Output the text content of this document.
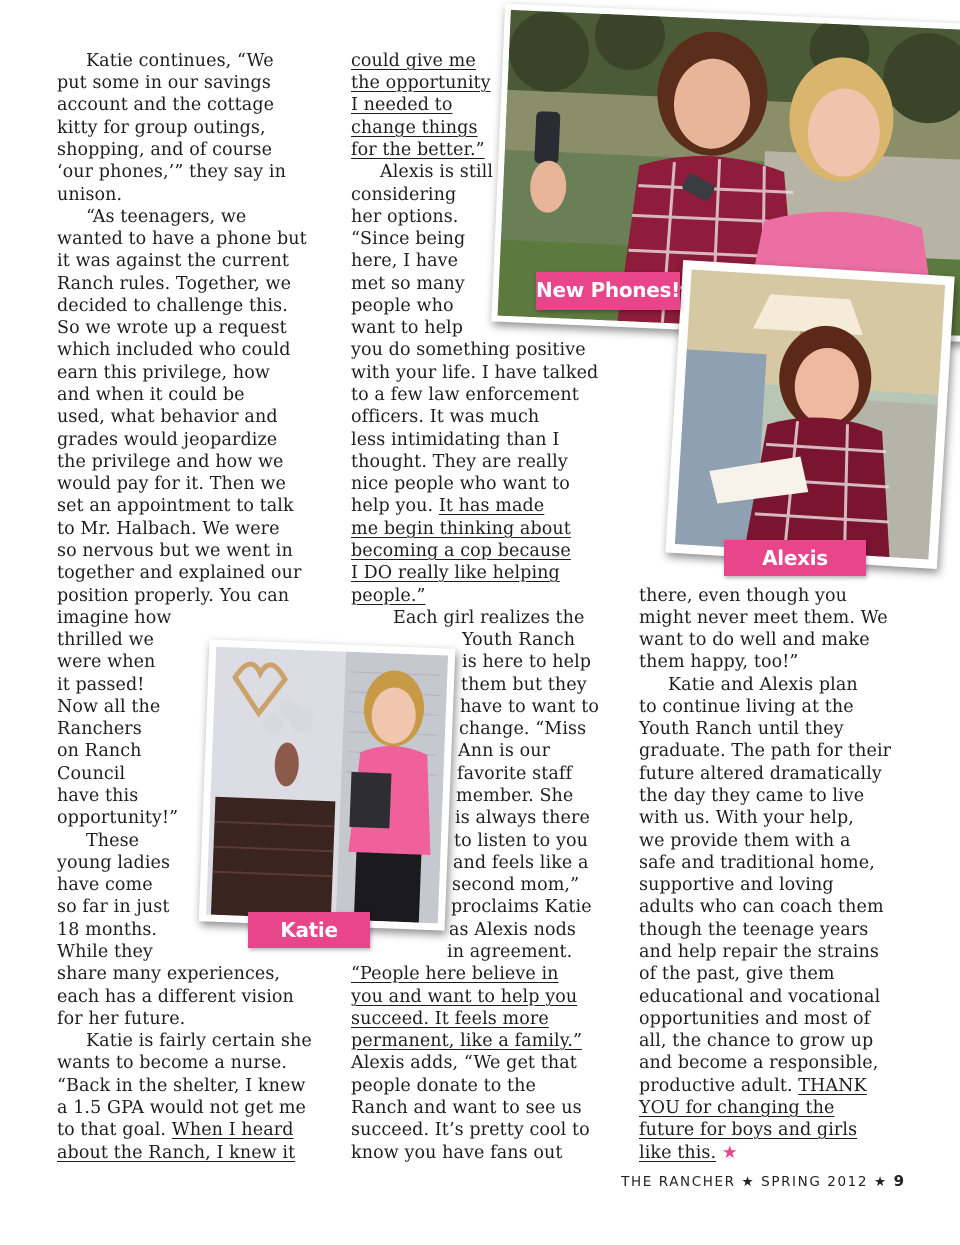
New Phones!
Alexis
Katie
Katie continues, “We
put some in our savings
account and the cottage
kitty for group outings,
shopping, and of course
‘our phones,’” they say in
unison.
“As teenagers, we
wanted to have a phone but
it was against the current
Ranch rules. Together, we
decided to challenge this.
So we wrote up a request
which included who could
earn this privilege, how
and when it could be
used, what behavior and
grades would jeopardize
the privilege and how we
would pay for it. Then we
set an appointment to talk
to Mr. Halbach. We were
so nervous but we went in
together and explained our
position properly. You can
imagine how
thrilled we
were when
it passed!
Now all the
Ranchers
on Ranch
Council
have this
opportunity!”
These
young ladies
have come
so far in just
18 months.
While they
share many experiences,
each has a different vision
for her future.
Katie is fairly certain she
wants to become a nurse.
“Back in the shelter, I knew
a 1.5 GPA would not get me
to that goal. When I heard
about the Ranch, I knew it
could give me
the opportunity
I needed to
change things
for the better.”
Alexis is still
considering
her options.
“Since being
here, I have
met so many
people who
want to help
you do something positive
with your life. I have talked
to a few law enforcement
officers. It was much
less intimidating than I
thought. They are really
nice people who want to
help you. It has made
me begin thinking about
becoming a cop because
I DO really like helping
people.”
Each girl realizes the
Youth Ranch
is here to help
them but they
have to want to
change. “Miss
Ann is our
favorite staff
member. She
is always there
to listen to you
and feels like a
second mom,”
proclaims Katie
as Alexis nods
in agreement.
“People here believe in
you and want to help you
succeed. It feels more
permanent, like a family.”
Alexis adds, “We get that
people donate to the
Ranch and want to see us
succeed. It’s pretty cool to
know you have fans out
there, even though you
might never meet them. We
want to do well and make
them happy, too!”
Katie and Alexis plan
to continue living at the
Youth Ranch until they
graduate. The path for their
future altered dramatically
the day they came to live
with us. With your help,
we provide them with a
safe and traditional home,
supportive and loving
adults who can coach them
though the teenage years
and help repair the strains
of the past, give them
educational and vocational
opportunities and most of
all, the chance to grow up
and become a responsible,
productive adult. THANK
YOU for changing the
future for boys and girls
like this. ★
THE RANCHER ★ SPRING 2012 ★ 9
